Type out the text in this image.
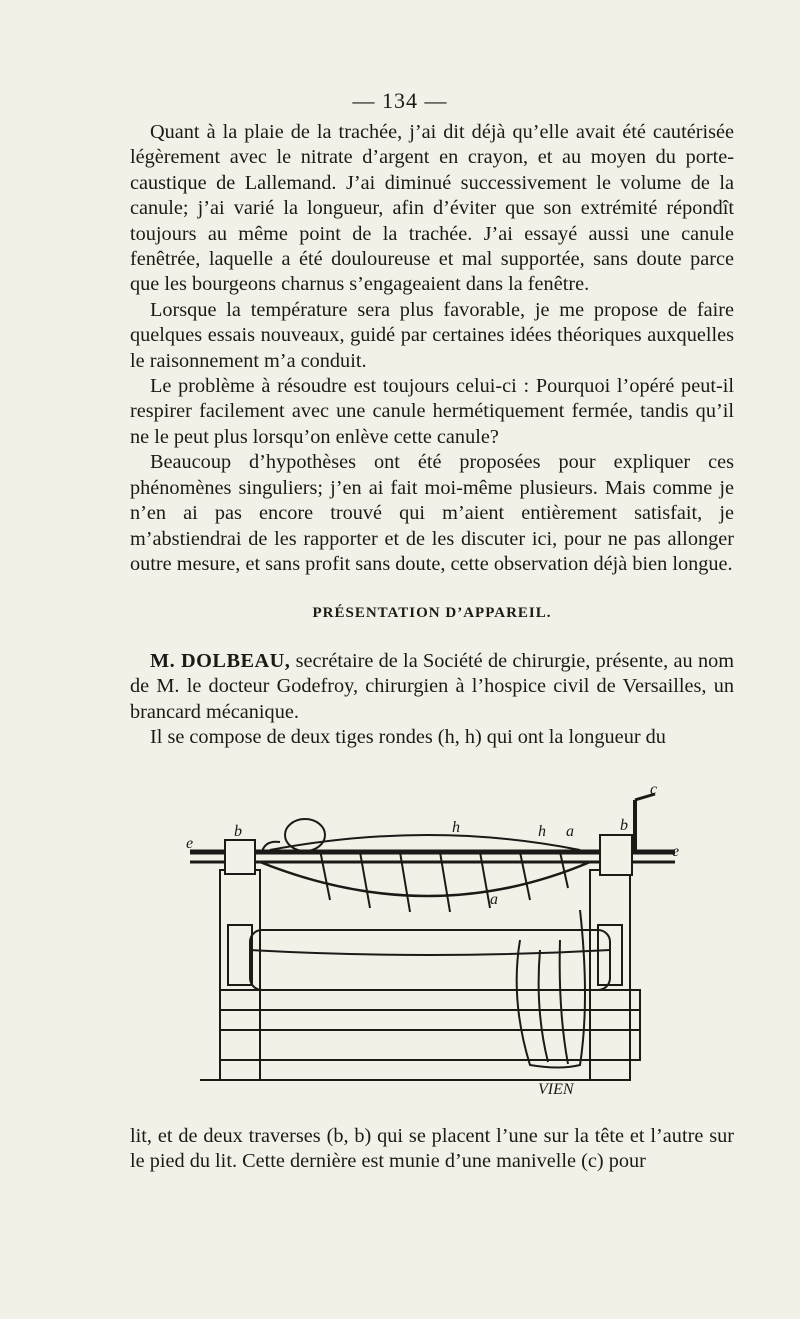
— 134 —

Quant à la plaie de la trachée, j’ai dit déjà qu’elle avait été cautérisée légèrement avec le nitrate d’argent en crayon, et au moyen du porte-caustique de Lallemand. J’ai diminué successivement le volume de la canule; j’ai varié la longueur, afin d’éviter que son extrémité répondît toujours au même point de la trachée. J’ai essayé aussi une canule fenêtrée, laquelle a été douloureuse et mal supportée, sans doute parce que les bourgeons charnus s’engageaient dans la fenêtre.

Lorsque la température sera plus favorable, je me propose de faire quelques essais nouveaux, guidé par certaines idées théoriques auxquelles le raisonnement m’a conduit.

Le problème à résoudre est toujours celui-ci : Pourquoi l’opéré peut-il respirer facilement avec une canule hermétiquement fermée, tandis qu’il ne le peut plus lorsqu’on enlève cette canule?

Beaucoup d’hypothèses ont été proposées pour expliquer ces phénomènes singuliers; j’en ai fait moi-même plusieurs. Mais comme je n’en ai pas encore trouvé qui m’aient entièrement satisfait, je m’abstiendrai de les rapporter et de les discuter ici, pour ne pas allonger outre mesure, et sans profit sans doute, cette observation déjà bien longue.

PRÉSENTATION D’APPAREIL.

M. DOLBEAU, secrétaire de la Société de chirurgie, présente, au nom de M. le docteur Godefroy, chirurgien à l’hospice civil de Versailles, un brancard mécanique.

Il se compose de deux tiges rondes (h, h) qui ont la longueur du

c
b	h	h a	b
e	e
a
VIEN

lit, et de deux traverses (b, b) qui se placent l’une sur la tête et l’autre sur le pied du lit. Cette dernière est munie d’une manivelle (c) pour
